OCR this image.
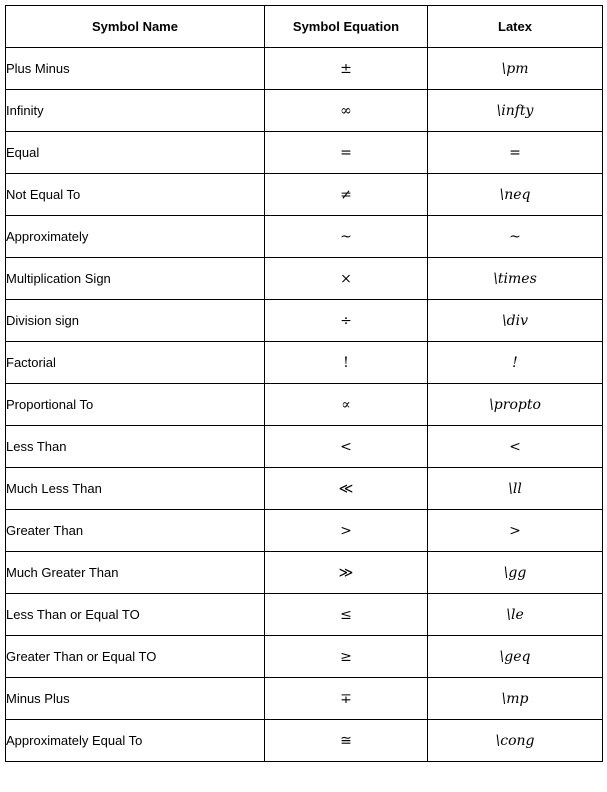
Symbol Name	Symbol Equation	Latex
Plus Minus	±	\pm
Infinity	∞	\infty
Equal	=	=
Not Equal To	≠	\neq
Approximately	~	~
Multiplication Sign	×	\times
Division sign	÷	\div
Factorial	!	!
Proportional To	∝	\propto
Less Than	<	<
Much Less Than	≪	\ll
Greater Than	>	>
Much Greater Than	≫	\gg
Less Than or Equal TO	≤	\le
Greater Than or Equal TO	≥	\geq
Minus Plus	∓	\mp
Approximately Equal To	≅	\cong
